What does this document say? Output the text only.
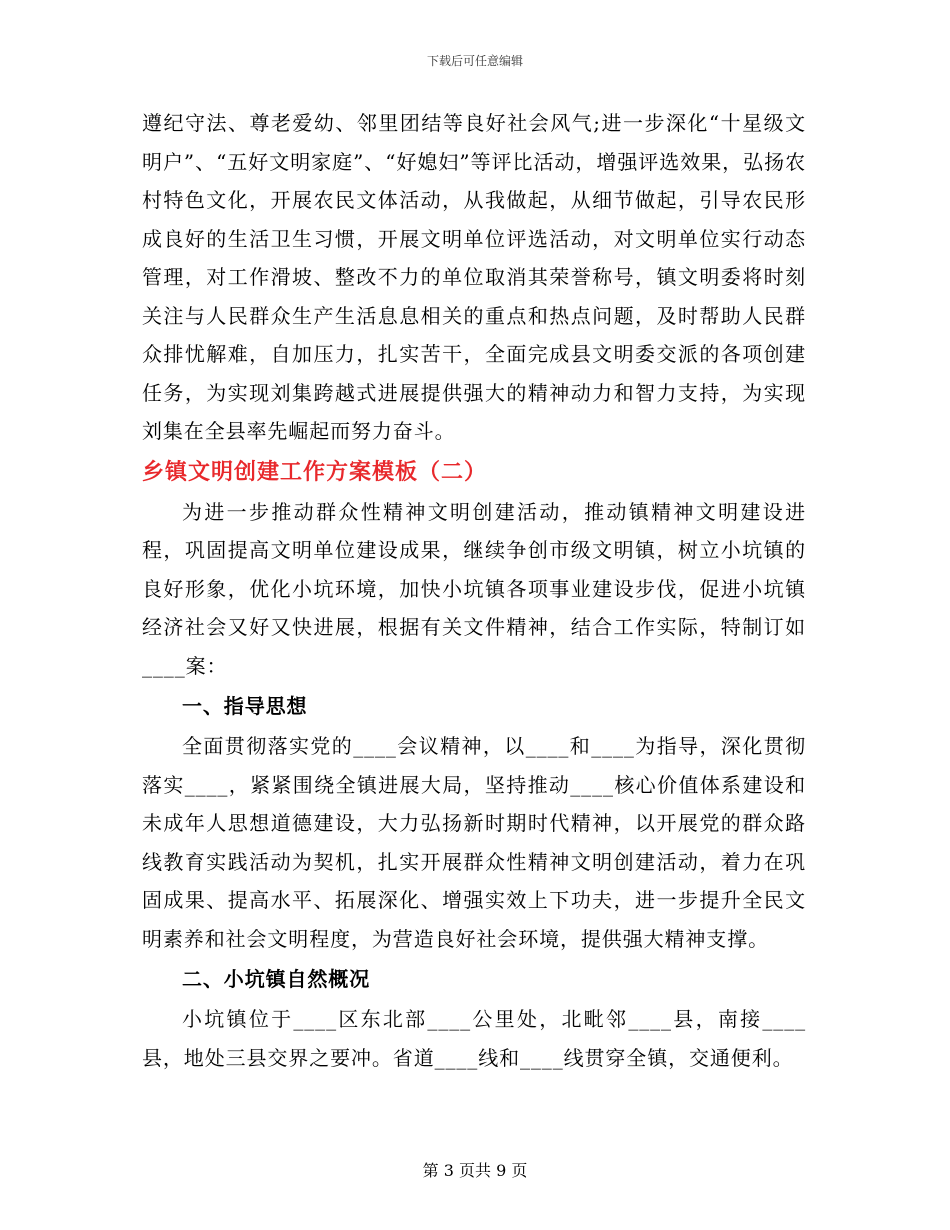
下载后可任意编辑

遵纪守法、尊老爱幼、邻里团结等良好社会风气;进一步深化“十星级文明户”、“五好文明家庭”、“好媳妇”等评比活动，增强评选效果，弘扬农村特色文化，开展农民文体活动，从我做起，从细节做起，引导农民形成良好的生活卫生习惯，开展文明单位评选活动，对文明单位实行动态管理，对工作滑坡、整改不力的单位取消其荣誉称号，镇文明委将时刻关注与人民群众生产生活息息相关的重点和热点问题，及时帮助人民群众排忧解难，自加压力，扎实苦干，全面完成县文明委交派的各项创建任务，为实现刘集跨越式进展提供强大的精神动力和智力支持，为实现刘集在全县率先崛起而努力奋斗。

乡镇文明创建工作方案模板（二）

为进一步推动群众性精神文明创建活动，推动镇精神文明建设进程，巩固提高文明单位建设成果，继续争创市级文明镇，树立小坑镇的良好形象，优化小坑环境，加快小坑镇各项事业建设步伐，促进小坑镇经济社会又好又快进展，根据有关文件精神，结合工作实际，特制订如____案：

一、指导思想

全面贯彻落实党的____会议精神，以____和____为指导，深化贯彻落实____，紧紧围绕全镇进展大局，坚持推动____核心价值体系建设和未成年人思想道德建设，大力弘扬新时期时代精神，以开展党的群众路线教育实践活动为契机，扎实开展群众性精神文明创建活动，着力在巩固成果、提高水平、拓展深化、增强实效上下功夫，进一步提升全民文明素养和社会文明程度，为营造良好社会环境，提供强大精神支撑。

二、小坑镇自然概况

小坑镇位于____区东北部____公里处，北毗邻____县，南接____县，地处三县交界之要冲。省道____线和____线贯穿全镇，交通便利。

第 3 页共 9 页
